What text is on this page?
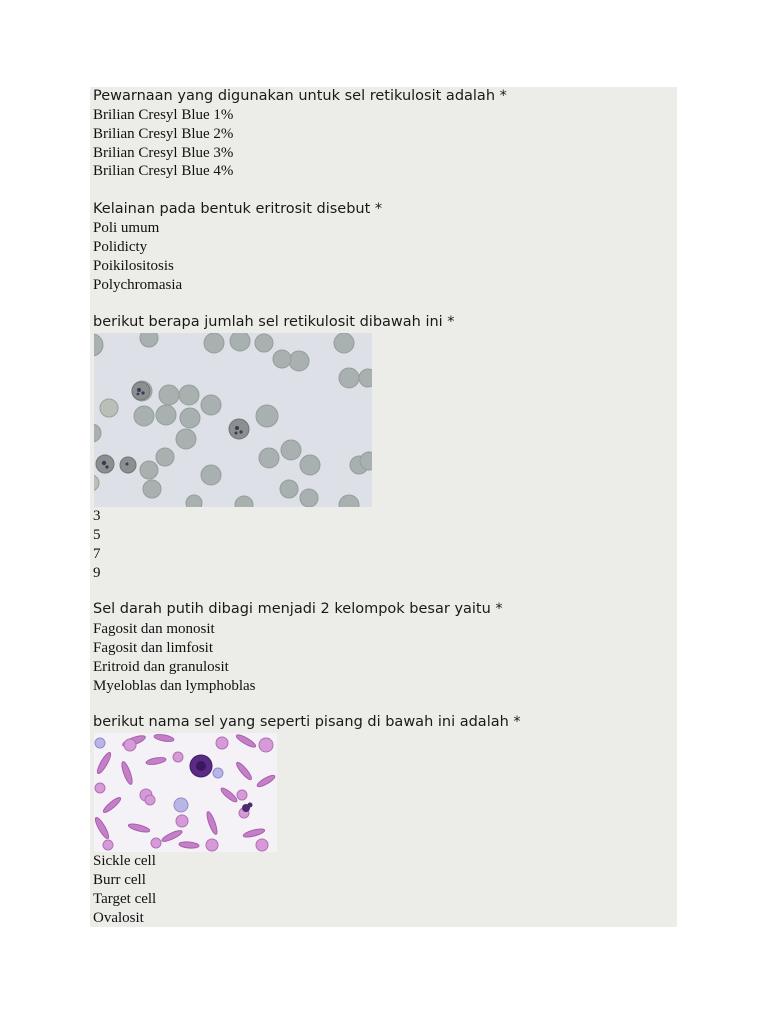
Pewarnaan yang digunakan untuk sel retikulosit adalah *
Brilian Cresyl Blue 1%
Brilian Cresyl Blue 2%
Brilian Cresyl Blue 3%
Brilian Cresyl Blue 4%
Kelainan pada bentuk eritrosit disebut *
Poli umum
Polidicty
Poikilositosis
Polychromasia
berikut berapa jumlah sel retikulosit dibawah ini *
3
5
7
9
Sel darah putih dibagi menjadi 2 kelompok besar yaitu *
Fagosit dan monosit
Fagosit dan limfosit
Eritroid dan granulosit
Myeloblas dan lymphoblas
berikut nama sel yang seperti pisang di bawah ini adalah *
Sickle cell
Burr cell
Target cell
Ovalosit
